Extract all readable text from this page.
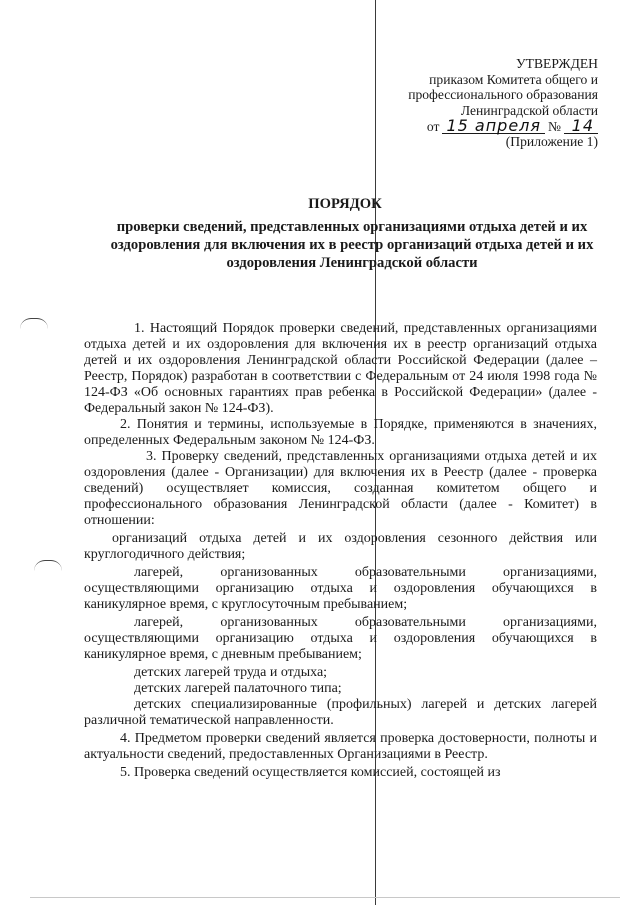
УТВЕРЖДЕН
приказом Комитета общего и
профессионального образования
Ленинградской области
от 15 апреля № 14
(Приложение 1)
ПОРЯДОК
проверки сведений, представленных организациями отдыха детей и их оздоровления для включения их в реестр организаций отдыха детей и их оздоровления Ленинградской области

1. Настоящий Порядок проверки сведений, представленных организациями отдыха детей и их оздоровления для включения их в реестр организаций отдыха детей и их оздоровления Ленинградской области Российской Федерации (далее – Реестр, Порядок) разработан в соответствии с Федеральным от 24 июля 1998 года № 124-ФЗ «Об основных гарантиях прав ребенка в Российской Федерации» (далее - Федеральный закон № 124-ФЗ).

2. Понятия и термины, используемые в Порядке, применяются в значениях, определенных Федеральным законом № 124-ФЗ.

3. Проверку сведений, представленных организациями отдыха детей и их оздоровления (далее - Организации) для включения их в Реестр (далее - проверка сведений) осуществляет комиссия, созданная комитетом общего и профессионального образования Ленинградской области (далее - Комитет) в отношении:

организаций отдыха детей и их оздоровления сезонного действия или круглогодичного действия;

лагерей, организованных образовательными организациями, осуществляющими организацию отдыха и оздоровления обучающихся в каникулярное время, с круглосуточным пребыванием;

лагерей, организованных образовательными организациями, осуществляющими организацию отдыха и оздоровления обучающихся в каникулярное время, с дневным пребыванием;

детских лагерей труда и отдыха;

детских лагерей палаточного типа;

детских специализированные (профильных) лагерей и детских лагерей различной тематической направленности.

4. Предметом проверки сведений является проверка достоверности, полноты и актуальности сведений, предоставленных Организациями в Реестр.

5. Проверка сведений осуществляется комиссией, состоящей из
